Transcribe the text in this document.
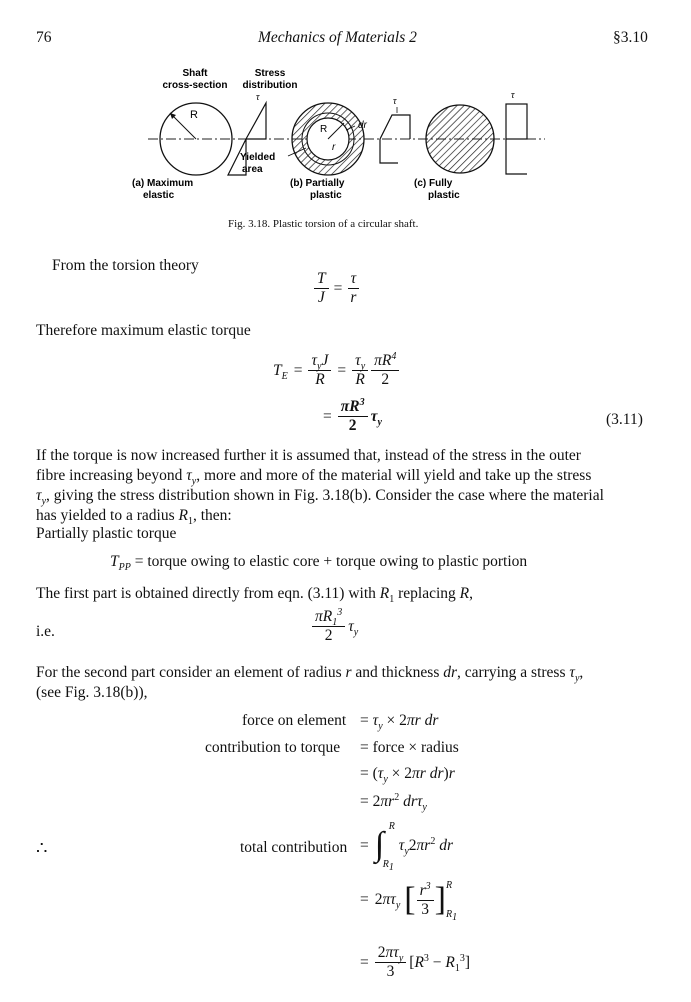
76	Mechanics of Materials 2	§3.10
Shaft
cross-section
Stress
distribution
R
τ
R
r
dr
τ
Yielded
area
τ
(a) Maximum
elastic
(b) Partially
plastic
(c) Fully
plastic
Fig. 3.18. Plastic torsion of a circular shaft.
From the torsion theory
$\frac{T}{J} = \frac{\tau}{r}$
Therefore maximum elastic torque
$T_E = \frac{\tau_yJ}{R} = \frac{\tau_y}{R} \frac{\pi R^4}{2}$
= $\frac{\pi R^3}{2} \tau_y$	(3.11)
If the torque is now increased further it is assumed that, instead of the stress in the outer
fibre increasing beyond $\tau_y$, more and more of the material will yield and take up the stress
$\tau_y$, giving the stress distribution shown in Fig. 3.18(b). Consider the case where the material
has yielded to a radius $R_1$, then:
Partially plastic torque
$T_{PP}$ = torque owing to elastic core + torque owing to plastic portion
The first part is obtained directly from eqn. (3.11) with $R_1$ replacing R,
i.e.	$\frac{\pi R_1^3}{2} \tau_y$
For the second part consider an element of radius r and thickness dr, carrying a stress $\tau_y$,
(see Fig. 3.18(b)),
force on element = $\tau_y \times 2\pi r$ dr
contribution to torque = force × radius
= ($\tau_y \times 2\pi r$ dr)r
= $2\pi r^2$ drτ$_y$
∴	total contribution = ∫ R
$R_1$
$\tau_y2\pi r^2$ dr
= $2\pi\tau_y$ [ $\frac{r^3}{3}$ ] R
$R_1$
= $\frac{2\pi\tau_y}{3} [R^3 - R_1^3]$
